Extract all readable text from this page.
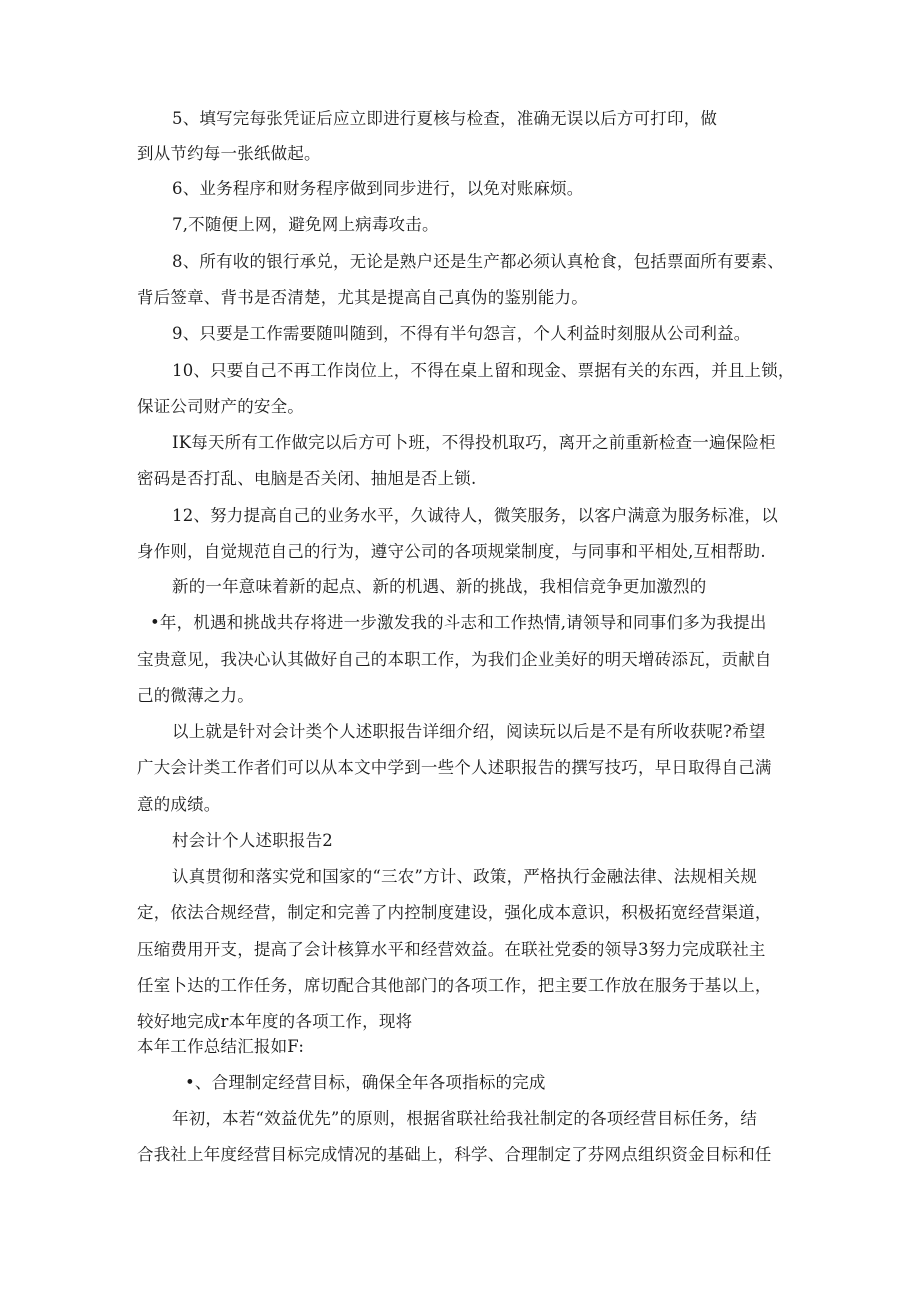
5、填写完每张凭证后应立即进行夏核与检查，准确无误以后方可打印，做
到从节约每一张纸做起。
6、业务程序和财务程序做到同步进行，以免对账麻烦。
7,不随便上网，避免网上病毒攻击。
8、所有收的银行承兑，无论是熟户还是生产都必须认真枪食，包括票面所有要素、
背后签章、背书是否清楚，尤其是提高自己真伪的鉴别能力。
9、只要是工作需要随叫随到，不得有半句怨言，个人利益时刻服从公司利益。
10、只要自己不再工作岗位上，不得在桌上留和现金、票据有关的东西，并且上锁，
保证公司财产的安全。
IK每天所有工作做完以后方可卜班，不得投机取巧，离开之前重新检查一遍保险柜
密码是否打乱、电脑是否关闭、抽旭是否上锁.
12、努力提高自己的业务水平，久诚待人，微笑服务，以客户满意为服务标准，以
身作则，自觉规范自己的行为，遵守公司的各项规棠制度，与同事和平相处,互相帮助.
新的一年意味着新的起点、新的机遇、新的挑战，我相信竞争更加激烈的
•年，机遇和挑战共存将进一步激发我的斗志和工作热情,请领导和同事们多为我提出
宝贵意见，我决心认其做好自己的本职工作，为我们企业美好的明天增砖添瓦，贡献自
己的微薄之力。
以上就是针对会计类个人述职报告详细介绍，阅读玩以后是不是有所收获呢?希望
广大会计类工作者们可以从本文中学到一些个人述职报告的撰写技巧，早日取得自己满
意的成绩。
村会计个人述职报告2
认真贯彻和落实党和国家的“三农”方计、政策，严格执行金融法律、法规相关规
定，依法合规经营，制定和完善了内控制度建设，强化成本意识，积极拓宽经营渠道，
压缩费用开支，提高了会计核算水平和经营效益。在联社党委的领导3努力完成联社主
任室卜达的工作任务，席切配合其他部门的各项工作，把主要工作放在服务于基以上，
较好地完成r本年度的各项工作，现将
本年工作总结汇报如F:
•、合理制定经营目标，确保全年各项指标的完成
年初，本若“效益优先”的原则，根据省联社给我社制定的各项经营目标任务，结
合我社上年度经营目标完成情况的基础上，科学、合理制定了芬网点组织资金目标和任
